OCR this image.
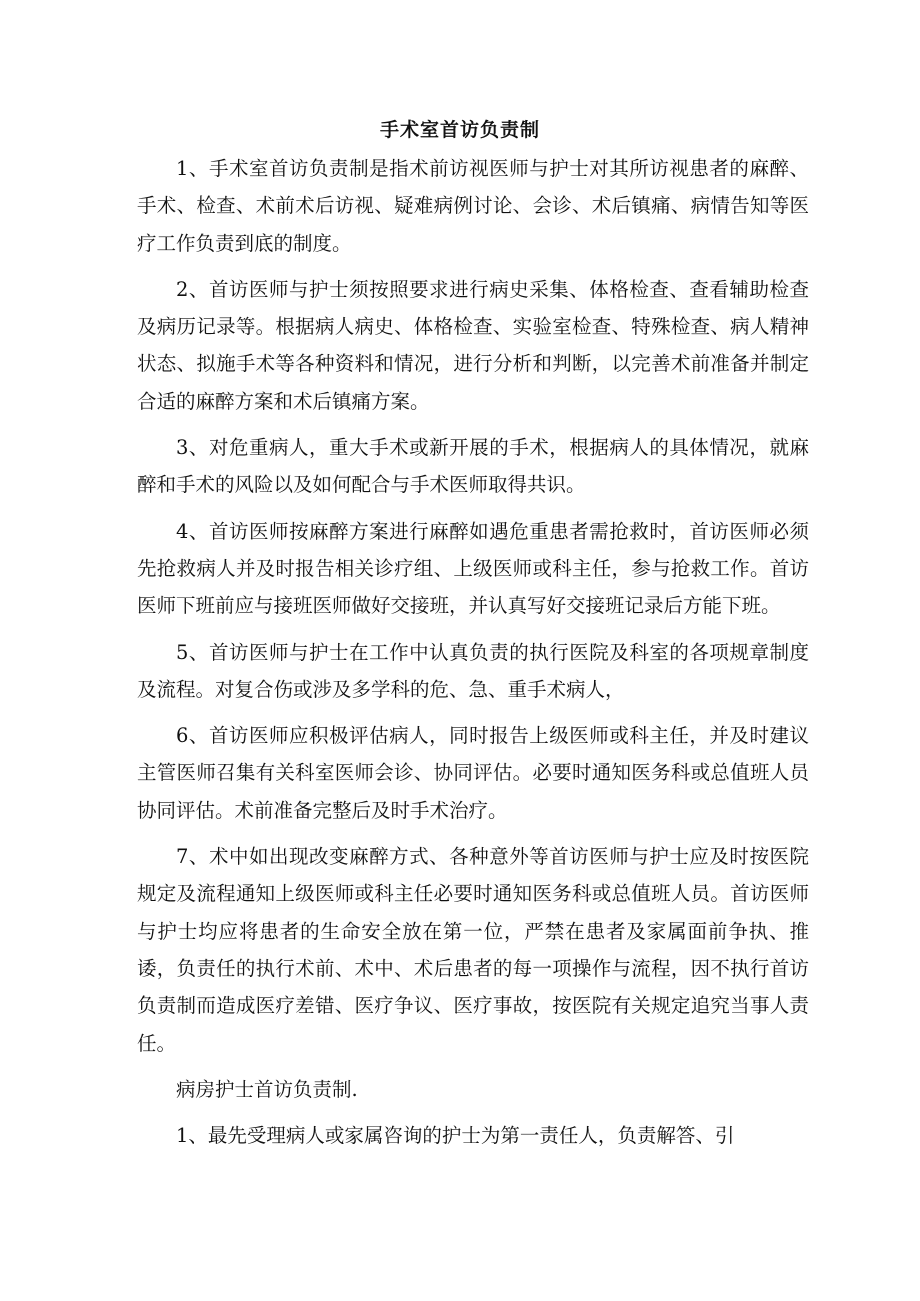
手术室首访负责制

1、手术室首访负责制是指术前访视医师与护士对其所访视患者的麻醉、手术、检查、术前术后访视、疑难病例讨论、会诊、术后镇痛、病情告知等医疗工作负责到底的制度。

2、首访医师与护士须按照要求进行病史采集、体格检查、查看辅助检查及病历记录等。根据病人病史、体格检查、实验室检查、特殊检查、病人精神状态、拟施手术等各种资料和情况，进行分析和判断，以完善术前准备并制定合适的麻醉方案和术后镇痛方案。

3、对危重病人，重大手术或新开展的手术，根据病人的具体情况，就麻醉和手术的风险以及如何配合与手术医师取得共识。

4、首访医师按麻醉方案进行麻醉如遇危重患者需抢救时，首访医师必须先抢救病人并及时报告相关诊疗组、上级医师或科主任，参与抢救工作。首访医师下班前应与接班医师做好交接班，并认真写好交接班记录后方能下班。

5、首访医师与护士在工作中认真负责的执行医院及科室的各项规章制度及流程。对复合伤或涉及多学科的危、急、重手术病人，

6、首访医师应积极评估病人，同时报告上级医师或科主任，并及时建议主管医师召集有关科室医师会诊、协同评估。必要时通知医务科或总值班人员协同评估。术前准备完整后及时手术治疗。

7、术中如出现改变麻醉方式、各种意外等首访医师与护士应及时按医院规定及流程通知上级医师或科主任必要时通知医务科或总值班人员。首访医师与护士均应将患者的生命安全放在第一位，严禁在患者及家属面前争执、推诿，负责任的执行术前、术中、术后患者的每一项操作与流程，因不执行首访负责制而造成医疗差错、医疗争议、医疗事故，按医院有关规定追究当事人责任。

病房护士首访负责制.

1、最先受理病人或家属咨询的护士为第一责任人，负责解答、引
